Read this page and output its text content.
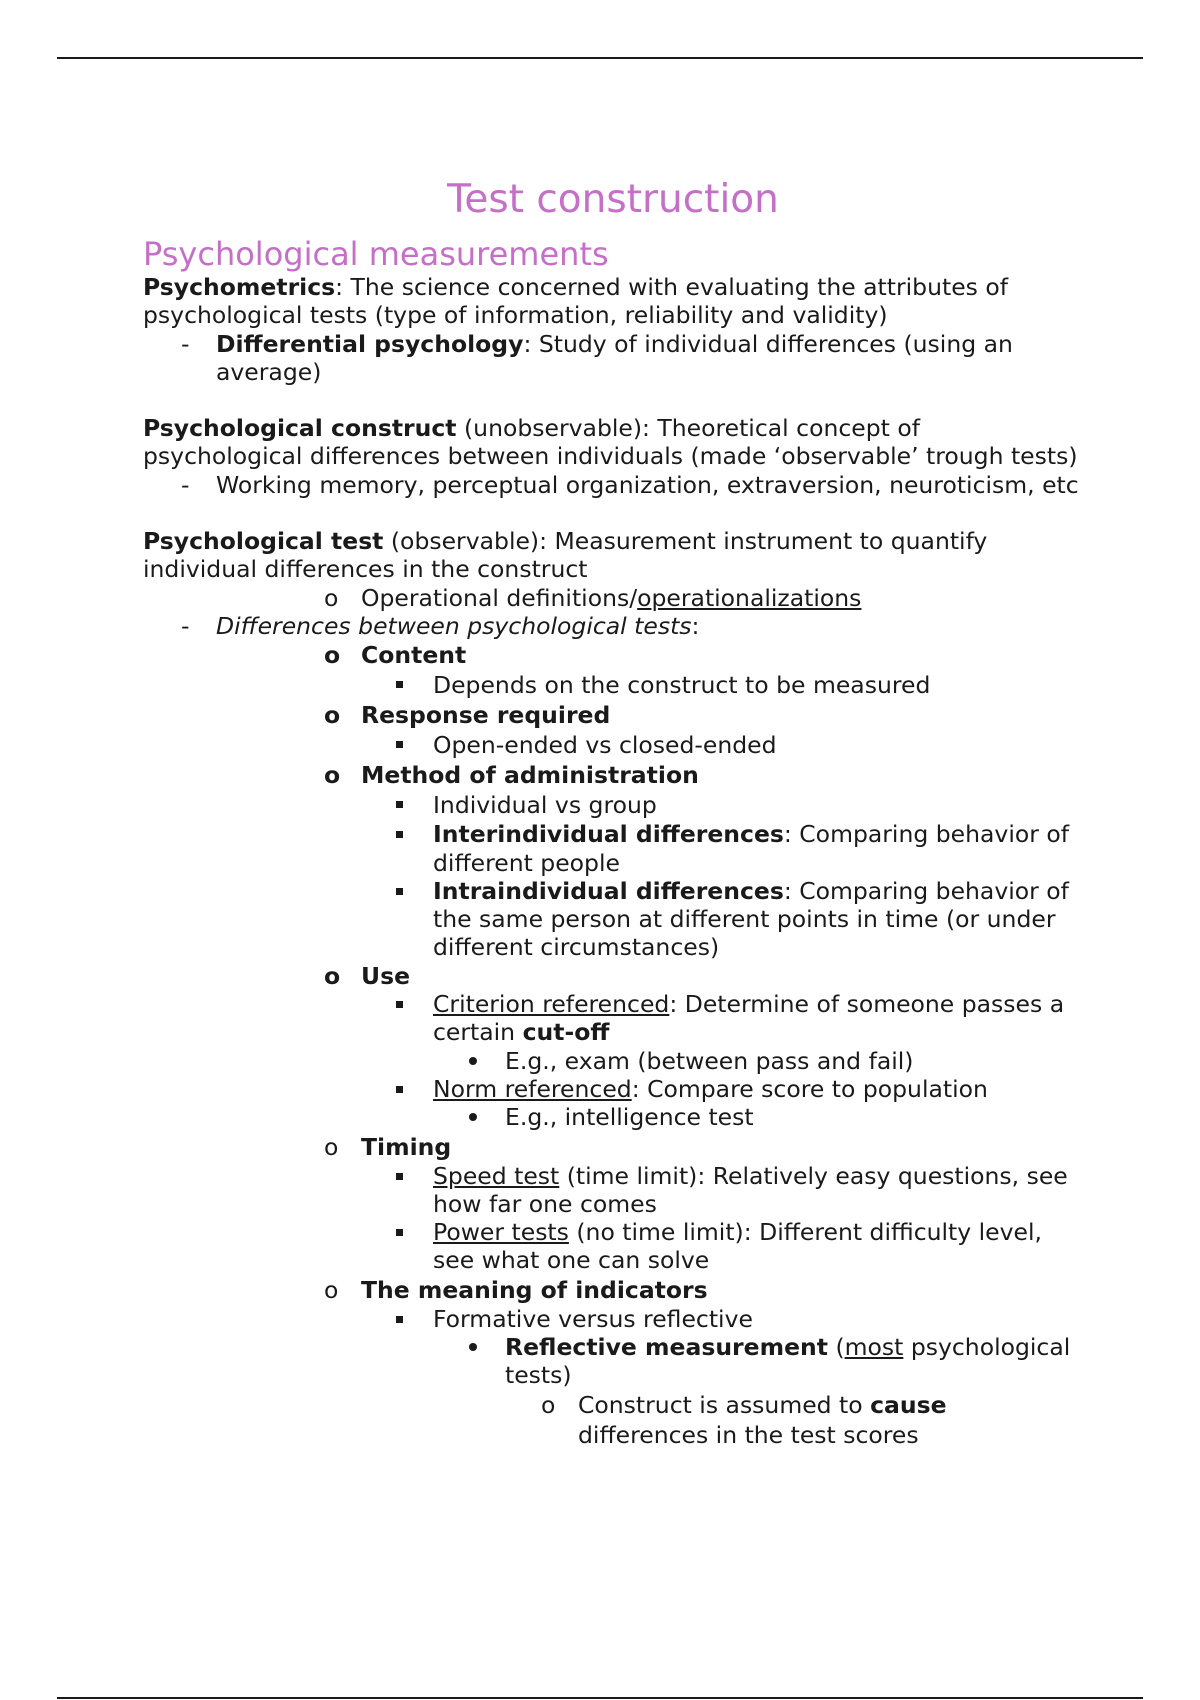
Test construction
Psychological measurements

Psychometrics: The science concerned with evaluating the attributes of psychological tests (type of information, reliability and validity)

- Differential psychology: Study of individual differences (using an average)

Psychological construct (unobservable): Theoretical concept of psychological differences between individuals (made ‘observable’ trough tests)

- Working memory, perceptual organization, extraversion, neuroticism, etc

Psychological test (observable): Measurement instrument to quantify individual differences in the construct

o Operational definitions/operationalizations
- Differences between psychological tests:
o Content
Depends on the construct to be measured
o Response required
Open-ended vs closed-ended
o Method of administration
Individual vs group
Interindividual differences: Comparing behavior of different people
Intraindividual differences: Comparing behavior of the same person at different points in time (or under different circumstances)
o Use
Criterion referenced: Determine of someone passes a certain cut-off
E.g., exam (between pass and fail)
Norm referenced: Compare score to population
E.g., intelligence test
o Timing
Speed test (time limit): Relatively easy questions, see how far one comes
Power tests (no time limit): Different difficulty level, see what one can solve
o The meaning of indicators
Formative versus reflective
Reflective measurement (most psychological tests)
o Construct is assumed to cause differences in the test scores
